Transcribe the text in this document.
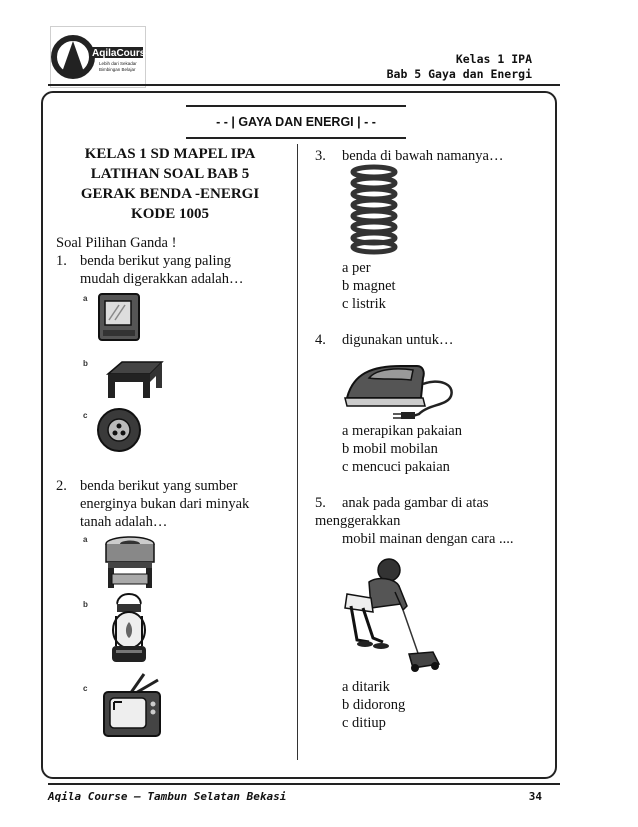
AqilaCourse
Lebih dari Sekadar
Bimbingan Belajar
Kelas 1 IPA
Bab 5 Gaya dan Energi
- - | GAYA DAN ENERGI | - -
KELAS 1 SD MAPEL IPA
LATIHAN SOAL BAB 5
GERAK BENDA -ENERGI
KODE 1005
Soal Pilihan Ganda !
1. benda berikut yang paling
mudah digerakkan adalah…
a
b
c
2. benda berikut yang sumber
energinya bukan dari minyak
tanah adalah…
a
b
c
3. benda di bawah namanya…
a per
b magnet
c listrik
4. digunakan untuk…
a merapikan pakaian
b mobil mobilan
c mencuci pakaian
5. anak pada gambar di atas
menggerakkan
mobil mainan dengan cara ....
a ditarik
b didorong
c ditiup
Aqila Course – Tambun Selatan Bekasi	34
